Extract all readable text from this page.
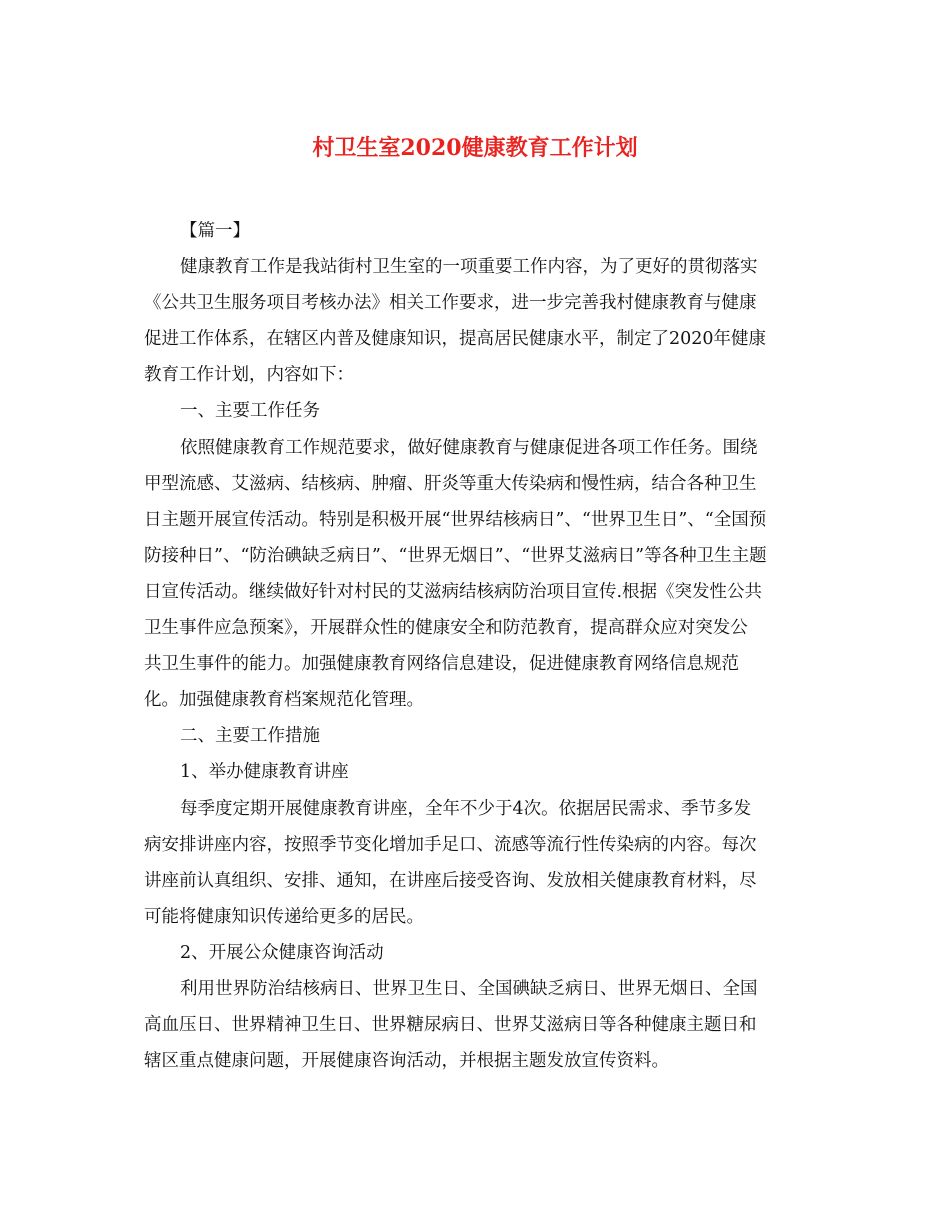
村卫生室2020健康教育工作计划
【篇一】
健康教育工作是我站街村卫生室的一项重要工作内容，为了更好的贯彻落实
《公共卫生服务项目考核办法》相关工作要求，进一步完善我村健康教育与健康
促进工作体系，在辖区内普及健康知识，提高居民健康水平，制定了2020年健康
教育工作计划，内容如下：
一、主要工作任务
依照健康教育工作规范要求，做好健康教育与健康促进各项工作任务。围绕
甲型流感、艾滋病、结核病、肿瘤、肝炎等重大传染病和慢性病，结合各种卫生
日主题开展宣传活动。特别是积极开展“世界结核病日”、“世界卫生日”、“全国预
防接种日”、“防治碘缺乏病日”、“世界无烟日”、“世界艾滋病日”等各种卫生主题
日宣传活动。继续做好针对村民的艾滋病结核病防治项目宣传.根据《突发性公共
卫生事件应急预案》，开展群众性的健康安全和防范教育，提高群众应对突发公
共卫生事件的能力。加强健康教育网络信息建设，促进健康教育网络信息规范
化。加强健康教育档案规范化管理。
二、主要工作措施
1、举办健康教育讲座
每季度定期开展健康教育讲座，全年不少于4次。依据居民需求、季节多发
病安排讲座内容，按照季节变化增加手足口、流感等流行性传染病的内容。每次
讲座前认真组织、安排、通知，在讲座后接受咨询、发放相关健康教育材料，尽
可能将健康知识传递给更多的居民。
2、开展公众健康咨询活动
利用世界防治结核病日、世界卫生日、全国碘缺乏病日、世界无烟日、全国
高血压日、世界精神卫生日、世界糖尿病日、世界艾滋病日等各种健康主题日和
辖区重点健康问题，开展健康咨询活动，并根据主题发放宣传资料。
